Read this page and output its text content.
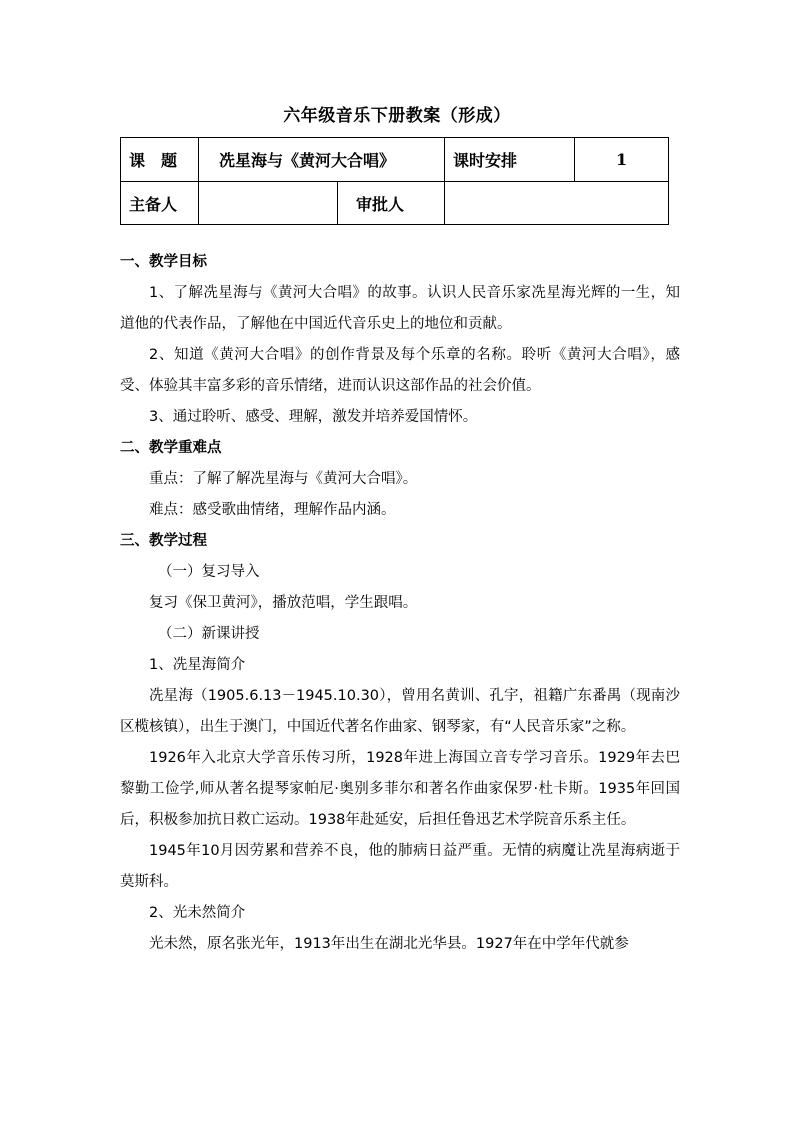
六年级音乐下册教案（形成）
课　题	冼星海与《黄河大合唱》		课时安排	1
主备人		审批人		

一、教学目标

1、了解冼星海与《黄河大合唱》的故事。认识人民音乐家冼星海光辉的一生，知道他的代表作品，了解他在中国近代音乐史上的地位和贡献。

2、知道《黄河大合唱》的创作背景及每个乐章的名称。聆听《黄河大合唱》，感受、体验其丰富多彩的音乐情绪，进而认识这部作品的社会价值。

3、通过聆听、感受、理解，激发并培养爱国情怀。

二、教学重难点

重点：了解了解冼星海与《黄河大合唱》。

难点：感受歌曲情绪，理解作品内涵。

三、教学过程

（一）复习导入

复习《保卫黄河》，播放范唱，学生跟唱。

（二）新课讲授

1、冼星海简介

冼星海（1905.6.13－1945.10.30），曾用名黄训、孔宇，祖籍广东番禺（现南沙区榄核镇），出生于澳门，中国近代著名作曲家、钢琴家，有“人民音乐家”之称。

1926年入北京大学音乐传习所，1928年进上海国立音专学习音乐。1929年去巴黎勤工俭学,师从著名提琴家帕尼·奥别多菲尔和著名作曲家保罗·杜卡斯。1935年回国后，积极参加抗日救亡运动。1938年赴延安，后担任鲁迅艺术学院音乐系主任。

1945年10月因劳累和营养不良，他的肺病日益严重。无情的病魔让冼星海病逝于莫斯科。

2、光未然简介

光未然，原名张光年，1913年出生在湖北光华县。1927年在中学年代就参
